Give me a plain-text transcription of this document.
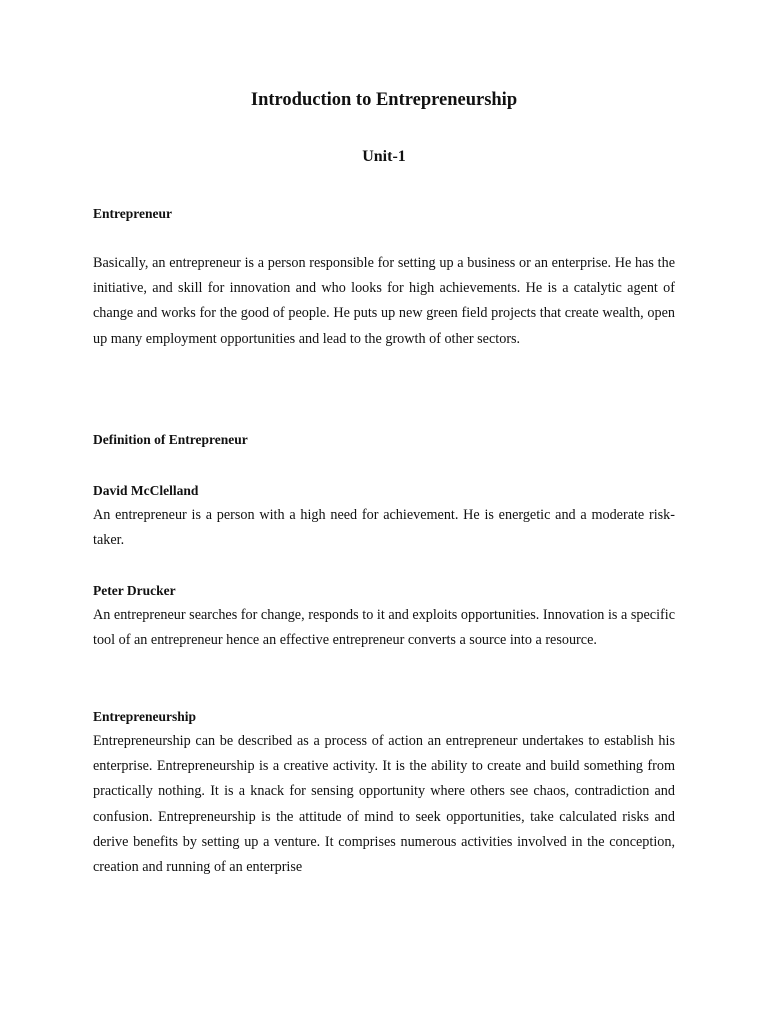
Introduction to Entrepreneurship
Unit-1

Entrepreneur

Basically, an entrepreneur is a person responsible for setting up a business or an enterprise. He has the initiative, and skill for innovation and who looks for high achievements. He is a catalytic agent of change and works for the good of people. He puts up new green field projects that create wealth, open up many employment opportunities and lead to the growth of other sectors.

Definition of Entrepreneur

David McClelland

An entrepreneur is a person with a high need for achievement. He is energetic and a moderate risk-taker.

Peter Drucker

An entrepreneur searches for change, responds to it and exploits opportunities. Innovation is a specific tool of an entrepreneur hence an effective entrepreneur converts a source into a resource.

Entrepreneurship

Entrepreneurship can be described as a process of action an entrepreneur undertakes to establish his enterprise. Entrepreneurship is a creative activity. It is the ability to create and build something from practically nothing. It is a knack for sensing opportunity where others see chaos, contradiction and confusion. Entrepreneurship is the attitude of mind to seek opportunities, take calculated risks and derive benefits by setting up a venture. It comprises numerous activities involved in the conception, creation and running of an enterprise
